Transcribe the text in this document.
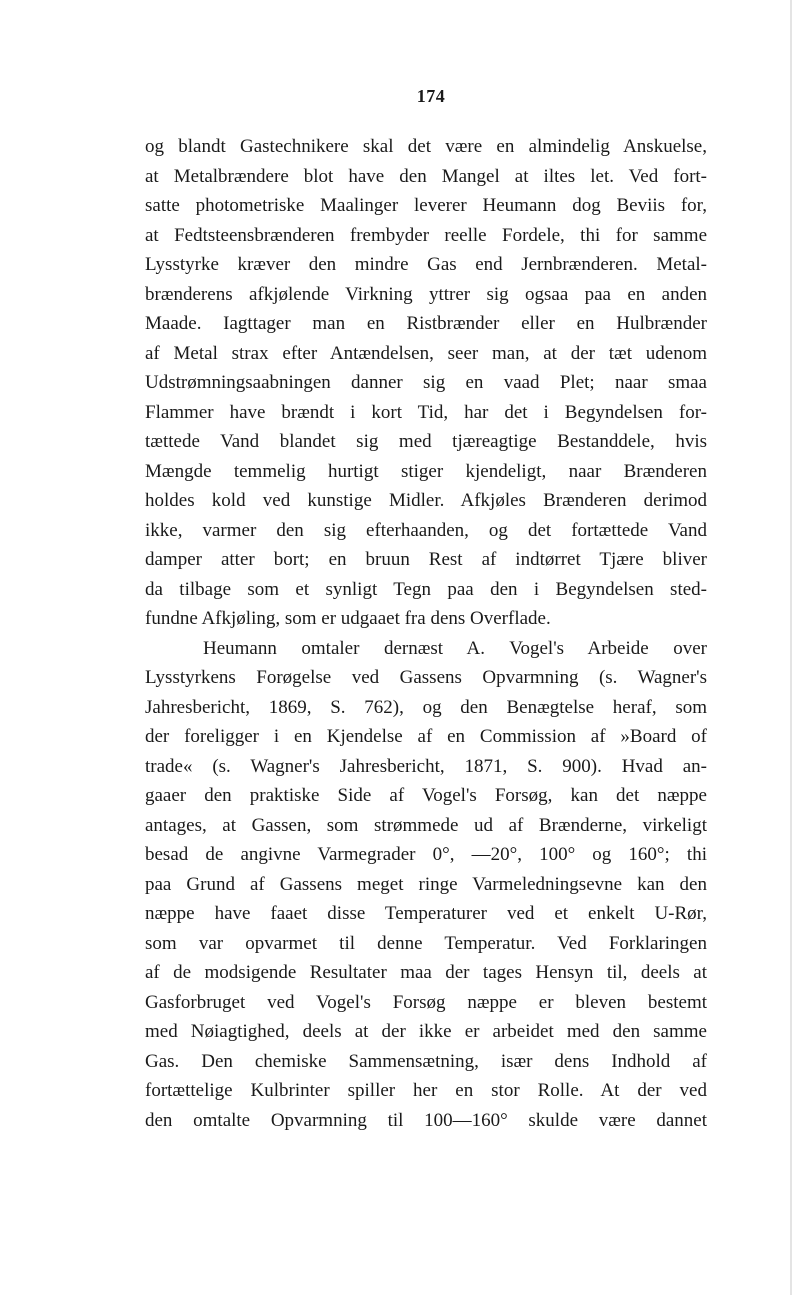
174
og blandt Gastechnikere skal det være en almindelig Anskuelse,
at Metalbrændere blot have den Mangel at iltes let. Ved fort-
satte photometriske Maalinger leverer Heumann dog Beviis for,
at Fedtsteensbrænderen frembyder reelle Fordele, thi for samme
Lysstyrke kræver den mindre Gas end Jernbrænderen. Metal-
brænderens afkjølende Virkning yttrer sig ogsaa paa en anden
Maade. Iagttager man en Ristbrænder eller en Hulbrænder
af Metal strax efter Antændelsen, seer man, at der tæt udenom
Udstrømningsaabningen danner sig en vaad Plet; naar smaa
Flammer have brændt i kort Tid, har det i Begyndelsen for-
tættede Vand blandet sig med tjæreagtige Bestanddele, hvis
Mængde temmelig hurtigt stiger kjendeligt, naar Brænderen
holdes kold ved kunstige Midler. Afkjøles Brænderen derimod
ikke, varmer den sig efterhaanden, og det fortættede Vand
damper atter bort; en bruun Rest af indtørret Tjære bliver
da tilbage som et synligt Tegn paa den i Begyndelsen sted-
fundne Afkjøling, som er udgaaet fra dens Overflade.
Heumann omtaler dernæst A. Vogel's Arbeide over
Lysstyrkens Forøgelse ved Gassens Opvarmning (s. Wagner's
Jahresbericht, 1869, S. 762), og den Benægtelse heraf, som
der foreligger i en Kjendelse af en Commission af »Board of
trade« (s. Wagner's Jahresbericht, 1871, S. 900). Hvad an-
gaaer den praktiske Side af Vogel's Forsøg, kan det næppe
antages, at Gassen, som strømmede ud af Brænderne, virkeligt
besad de angivne Varmegrader 0°, —20°, 100° og 160°; thi
paa Grund af Gassens meget ringe Varmeledningsevne kan den
næppe have faaet disse Temperaturer ved et enkelt U-Rør,
som var opvarmet til denne Temperatur. Ved Forklaringen
af de modsigende Resultater maa der tages Hensyn til, deels at
Gasforbruget ved Vogel's Forsøg næppe er bleven bestemt
med Nøiagtighed, deels at der ikke er arbeidet med den samme
Gas. Den chemiske Sammensætning, især dens Indhold af
fortættelige Kulbrinter spiller her en stor Rolle. At der ved
den omtalte Opvarmning til 100—160° skulde være dannet
